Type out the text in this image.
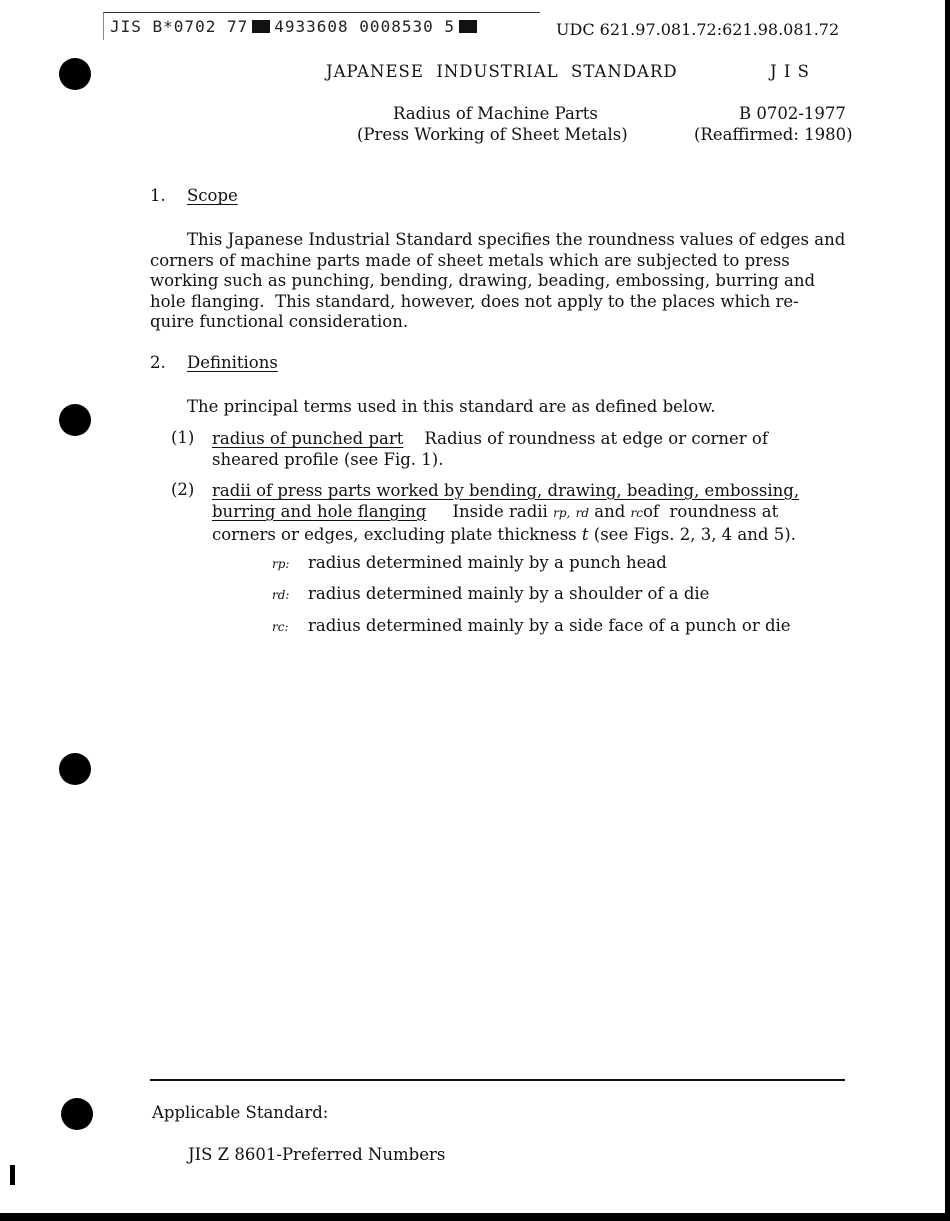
JIS B*0702 77 4933608 0008530 5	UDC 621.97.081.72:621.98.081.72
JAPANESE  INDUSTRIAL  STANDARD	J I S
Radius of Machine Parts
(Press Working of Sheet Metals)
B 0702-1977
(Reaffirmed: 1980)
1. Scope
This Japanese Industrial Standard specifies the roundness values of edges and
corners of machine parts made of sheet metals which are subjected to press
working such as punching, bending, drawing, beading, embossing, burring and
hole flanging.  This standard, however, does not apply to the places which re-
quire functional consideration.
2. Definitions
The principal terms used in this standard are as defined below.
(1) radius of punched part Radius of roundness at edge or corner of
sheared profile (see Fig. 1).
(2) radii of press parts worked by bending, drawing, beading, embossing,
burring and hole flanging Inside radii rp, rd and rcof  roundness at
corners or edges, excluding plate thickness t (see Figs. 2, 3, 4 and 5).
rp: radius determined mainly by a punch head
rd: radius determined mainly by a shoulder of a die
rc: radius determined mainly by a side face of a punch or die
Applicable Standard:
JIS Z 8601-Preferred Numbers
